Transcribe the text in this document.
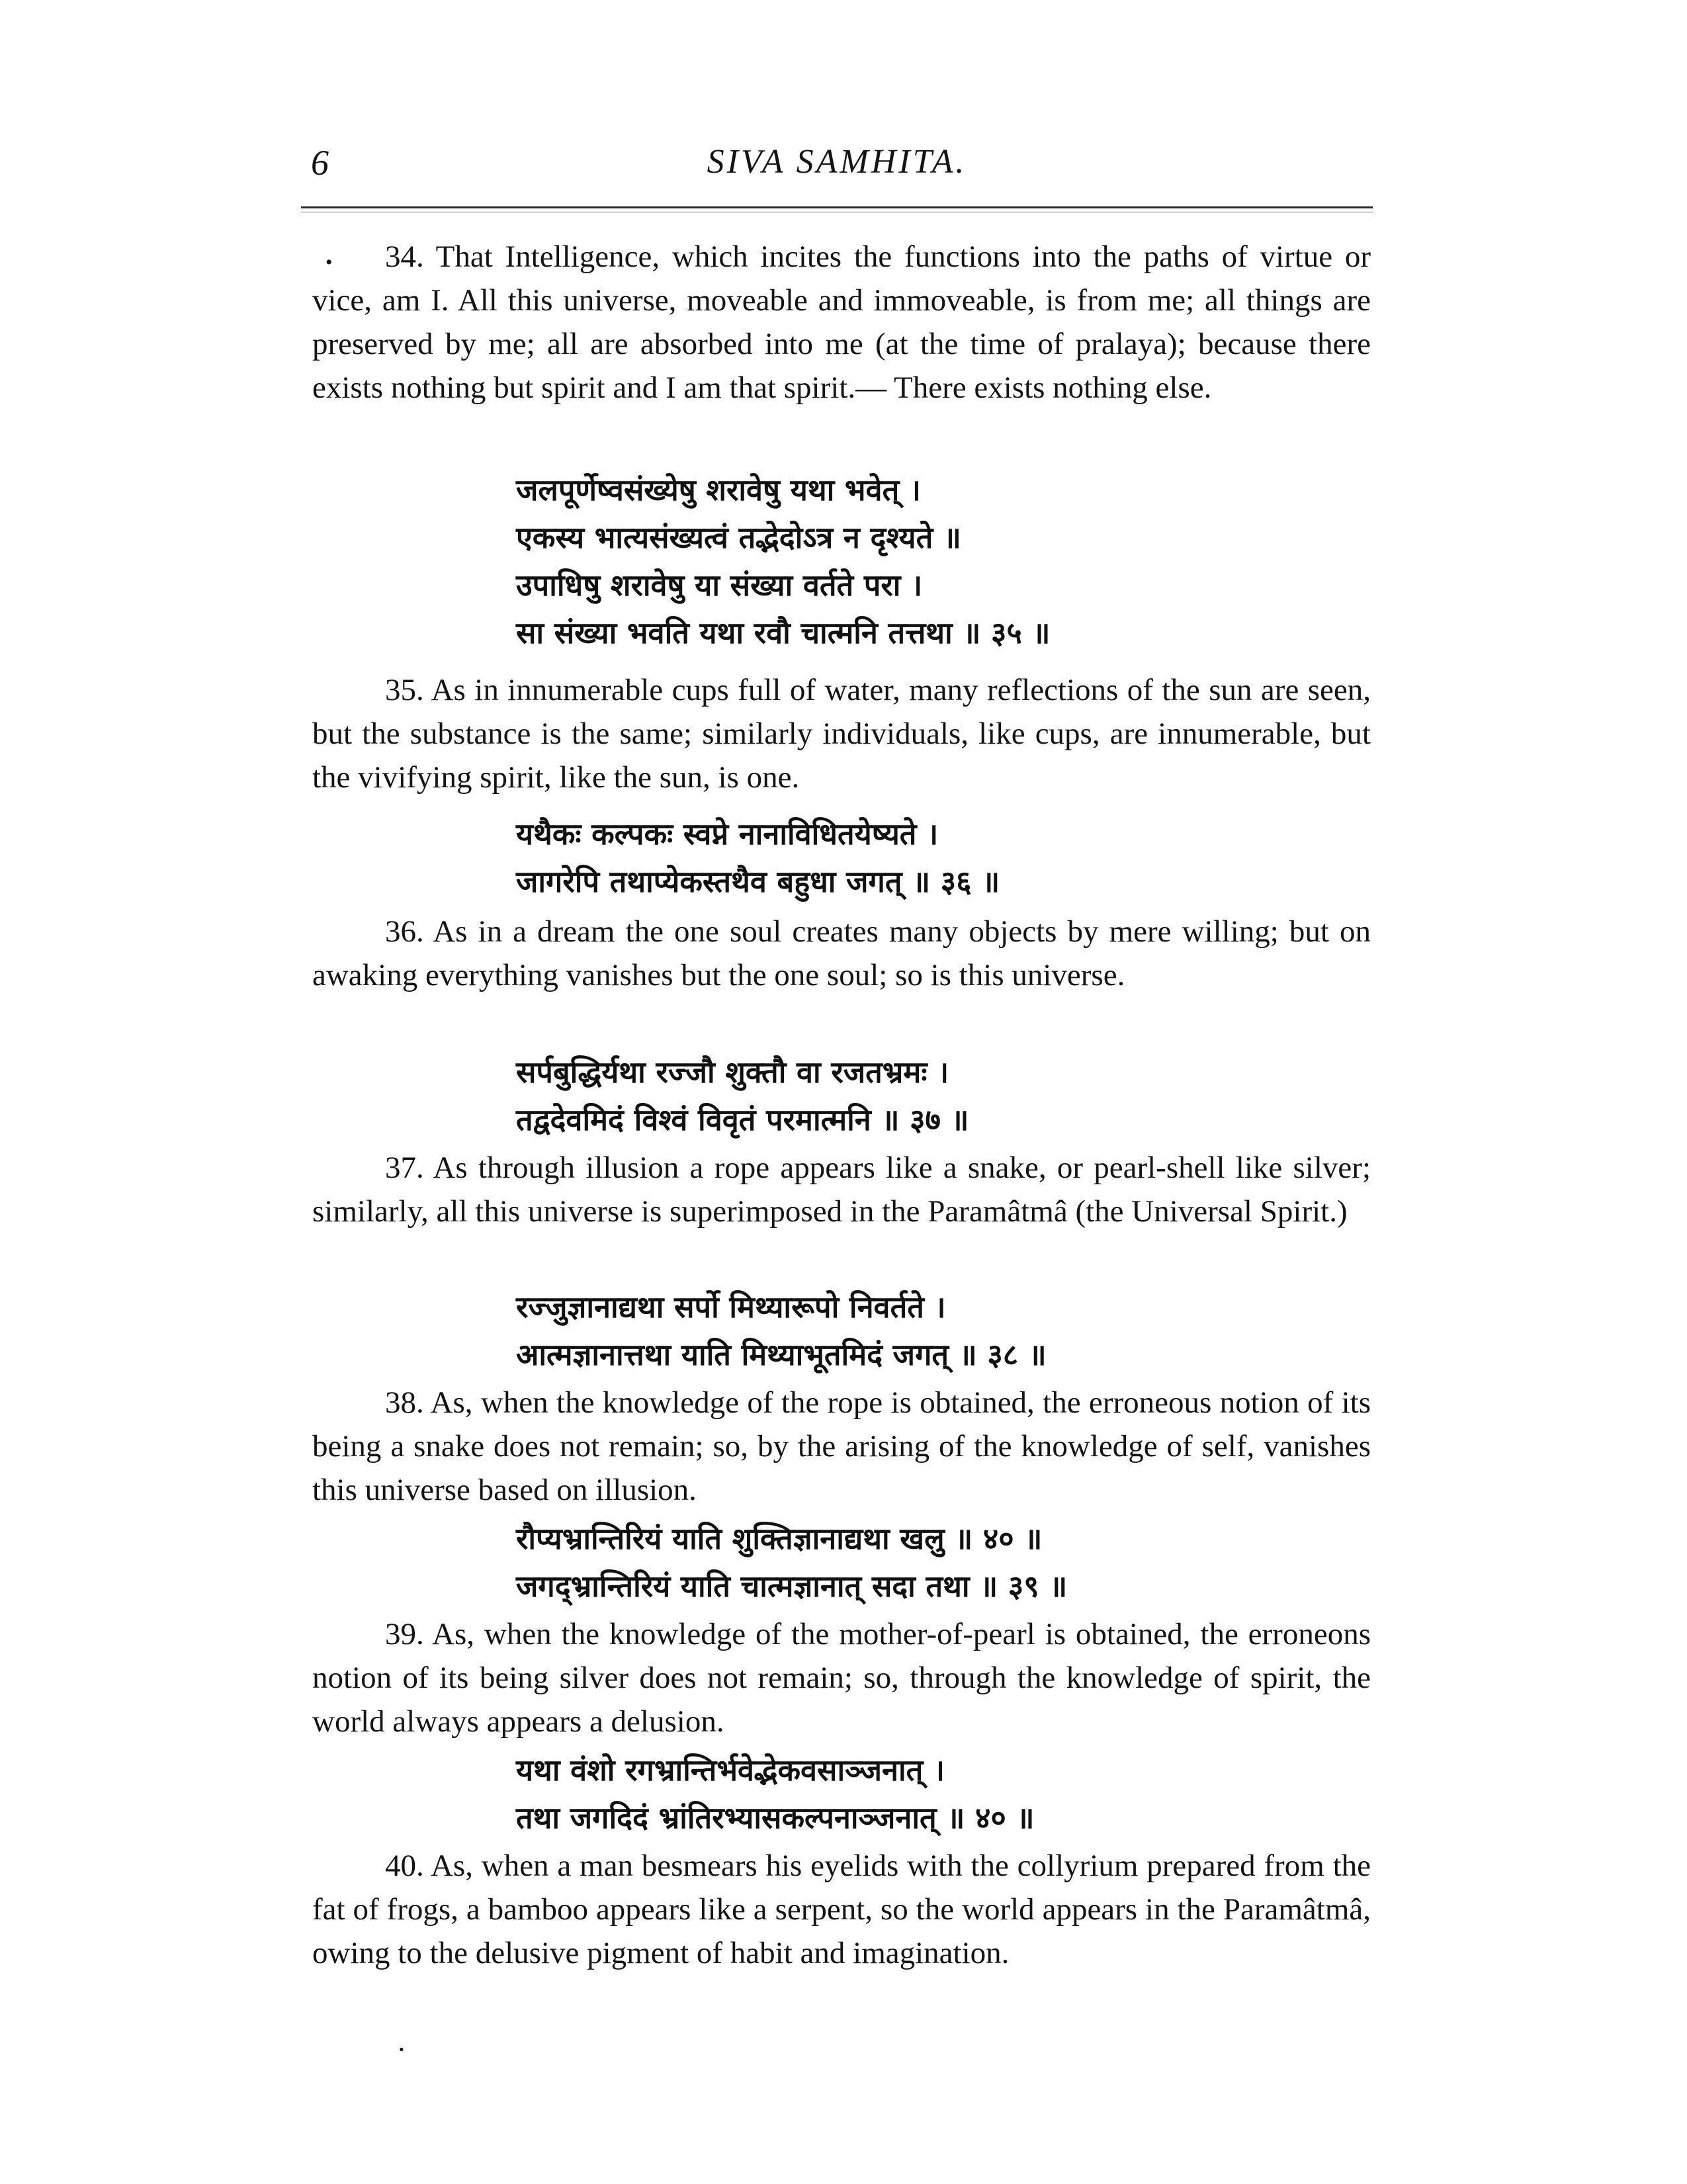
6	SIVA SAMHITA.
•	34. That Intelligence, which incites the functions into the paths of virtue or vice, am I. All this universe, moveable and immoveable, is from me; all things are preserved by me; all are absorbed into me (at the time of pralaya); because there exists nothing but spirit and I am that spirit.— There exists nothing else.

जलपूर्णेष्वसंख्येषु शरावेषु यथा भवेत् ।
एकस्य भात्यसंख्यत्वं तद्भेदोऽत्र न दृश्यते ॥
उपाधिषु शरावेषु या संख्या वर्तते परा ।
सा संख्या भवति यथा रवौ चात्मनि तत्तथा ॥ ३५ ॥

35. As in innumerable cups full of water, many reflections of the sun are seen, but the substance is the same; similarly individuals, like cups, are innumerable, but the vivifying spirit, like the sun, is one.

यथैकः कल्पकः स्वप्ने नानाविधितयेष्यते ।
जागरेपि तथाप्येकस्तथैव बहुधा जगत् ॥ ३६ ॥

36. As in a dream the one soul creates many objects by mere willing; but on awaking everything vanishes but the one soul; so is this universe.

सर्पबुद्धिर्यथा रज्जौ शुक्तौ वा रजतभ्रमः ।
तद्वदेवमिदं विश्वं विवृतं परमात्मनि ॥ ३७ ॥

37. As through illusion a rope appears like a snake, or pearl-shell like silver; similarly, all this universe is superimposed in the Paramâtmâ (the Universal Spirit.)

रज्जुज्ञानाद्यथा सर्पो मिथ्यारूपो निवर्तते ।
आत्मज्ञानात्तथा याति मिथ्याभूतमिदं जगत् ॥ ३८ ॥

38. As, when the knowledge of the rope is obtained, the erroneous notion of its being a snake does not remain; so, by the arising of the knowledge of self, vanishes this universe based on illusion.

रौप्यभ्रान्तिरियं याति शुक्तिज्ञानाद्यथा खलु ॥ ४० ॥
जगद्भ्रान्तिरियं याति चात्मज्ञानात् सदा तथा ॥ ३९ ॥

39. As, when the knowledge of the mother-of-pearl is obtained, the erroneons notion of its being silver does not remain; so, through the knowledge of spirit, the world always appears a delusion.

यथा वंशो रगभ्रान्तिर्भवेद्भेकवसाञ्जनात् ।
तथा जगदिदं भ्रांतिरभ्यासकल्पनाञ्जनात् ॥ ४० ॥

40. As, when a man besmears his eyelids with the collyrium prepared from the fat of frogs, a bamboo appears like a serpent, so the world appears in the Paramâtmâ, owing to the delusive pigment of habit and imagination.

•
